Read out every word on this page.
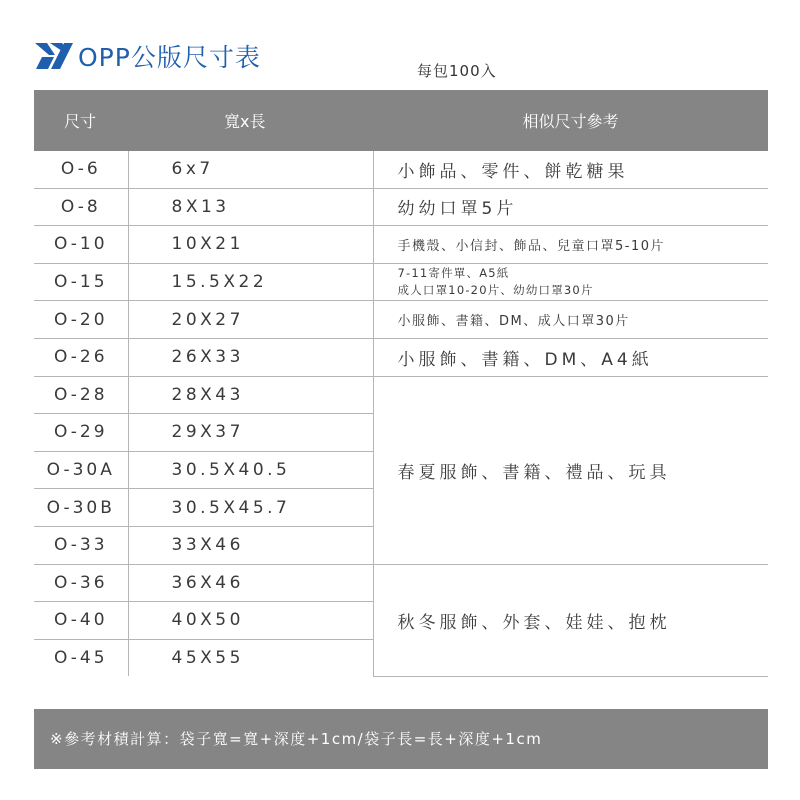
OPP公版尺寸表	每包100入
尺寸	寬x長	相似尺寸參考
O-6	6x7	小飾品、零件、餅乾糖果
O-8	8X13	幼幼口罩5片
O-10	10X21	手機殼、小信封、飾品、兒童口罩5-10片
O-15	15.5X22	7-11寄件單、A5紙
成人口罩10-20片、幼幼口罩30片

O-20	20X27	小服飾、書籍、DM、成人口罩30片
O-26	26X33	小服飾、書籍、DM、A4紙
O-28	28X43	春夏服飾、書籍、禮品、玩具
O-29	29X37	
O-30A	30.5X40.5	
O-30B	30.5X45.7	
O-33	33X46	
O-36	36X46	秋冬服飾、外套、娃娃、抱枕
O-40	40X50	
O-45	45X55	
※參考材積計算：袋子寬=寬+深度+1cm/袋子長=長+深度+1cm
